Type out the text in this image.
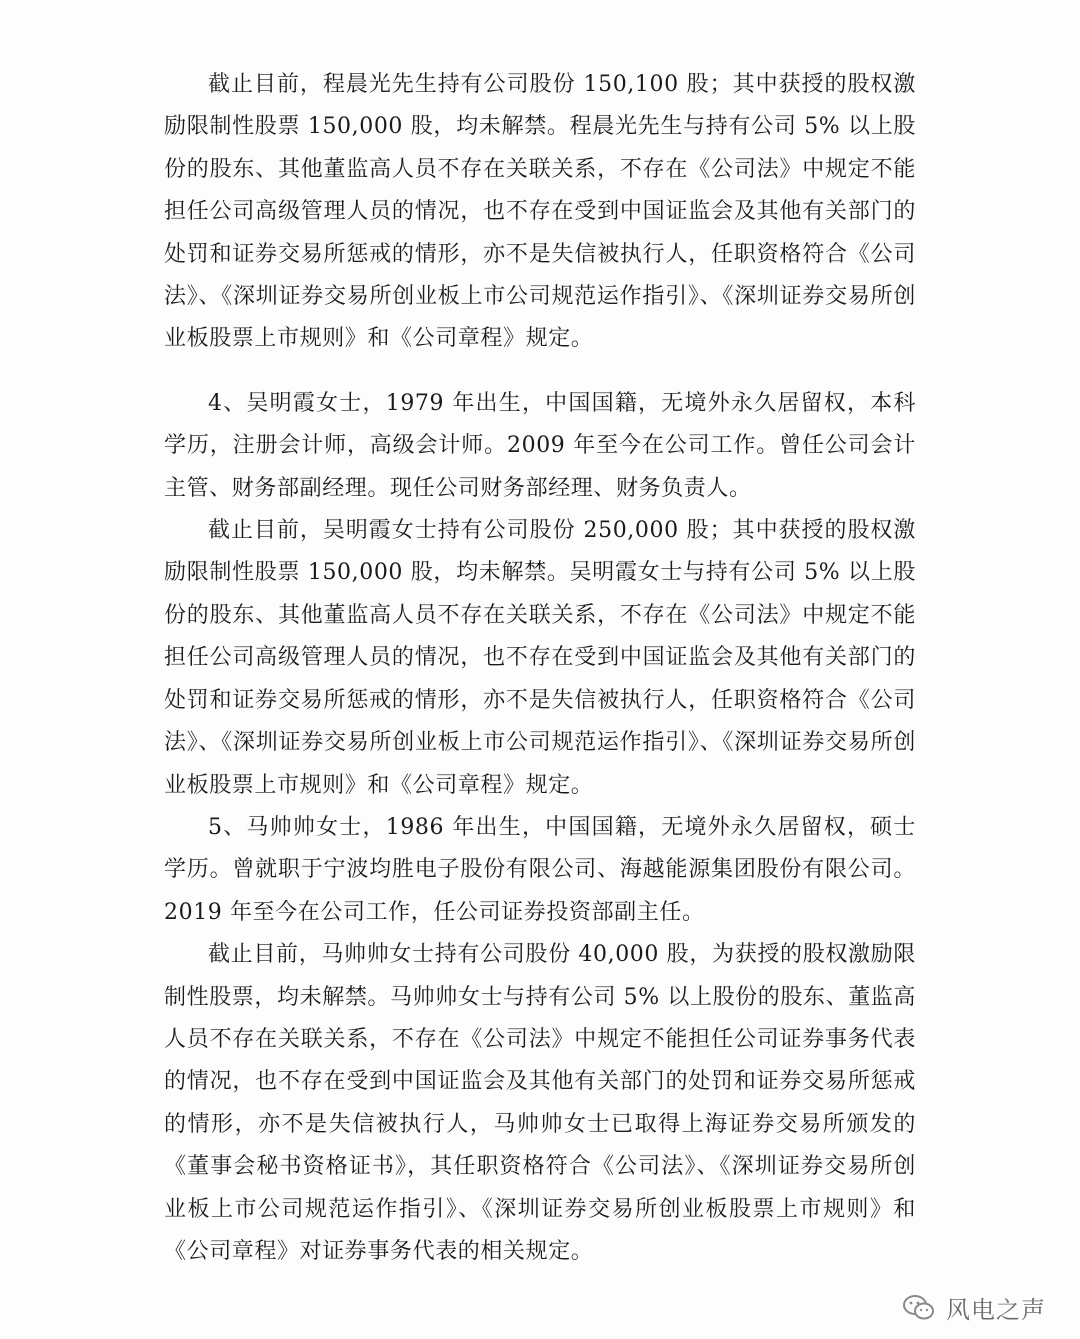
截止目前，程晨光先生持有公司股份 150,100 股；其中获授的股权激励限制性股票 150,000 股，均未解禁。程晨光先生与持有公司 5% 以上股份的股东、其他董监高人员不存在关联关系，不存在《公司法》中规定不能担任公司高级管理人员的情况，也不存在受到中国证监会及其他有关部门的处罚和证券交易所惩戒的情形，亦不是失信被执行人，任职资格符合《公司法》、《深圳证券交易所创业板上市公司规范运作指引》、《深圳证券交易所创业板股票上市规则》和《公司章程》规定。

4、吴明霞女士，1979 年出生，中国国籍，无境外永久居留权，本科学历，注册会计师，高级会计师。2009 年至今在公司工作。曾任公司会计主管、财务部副经理。现任公司财务部经理、财务负责人。

截止目前，吴明霞女士持有公司股份 250,000 股；其中获授的股权激励限制性股票 150,000 股，均未解禁。吴明霞女士与持有公司 5% 以上股份的股东、其他董监高人员不存在关联关系，不存在《公司法》中规定不能担任公司高级管理人员的情况，也不存在受到中国证监会及其他有关部门的处罚和证券交易所惩戒的情形，亦不是失信被执行人，任职资格符合《公司法》、《深圳证券交易所创业板上市公司规范运作指引》、《深圳证券交易所创业板股票上市规则》和《公司章程》规定。

5、马帅帅女士，1986 年出生，中国国籍，无境外永久居留权，硕士学历。曾就职于宁波均胜电子股份有限公司、海越能源集团股份有限公司。2019 年至今在公司工作，任公司证券投资部副主任。

截止目前，马帅帅女士持有公司股份 40,000 股，为获授的股权激励限制性股票，均未解禁。马帅帅女士与持有公司 5% 以上股份的股东、董监高人员不存在关联关系，不存在《公司法》中规定不能担任公司证券事务代表的情况，也不存在受到中国证监会及其他有关部门的处罚和证券交易所惩戒的情形，亦不是失信被执行人，马帅帅女士已取得上海证券交易所颁发的《董事会秘书资格证书》，其任职资格符合《公司法》、《深圳证券交易所创业板上市公司规范运作指引》、《深圳证券交易所创业板股票上市规则》和《公司章程》对证券事务代表的相关规定。

风电之声
